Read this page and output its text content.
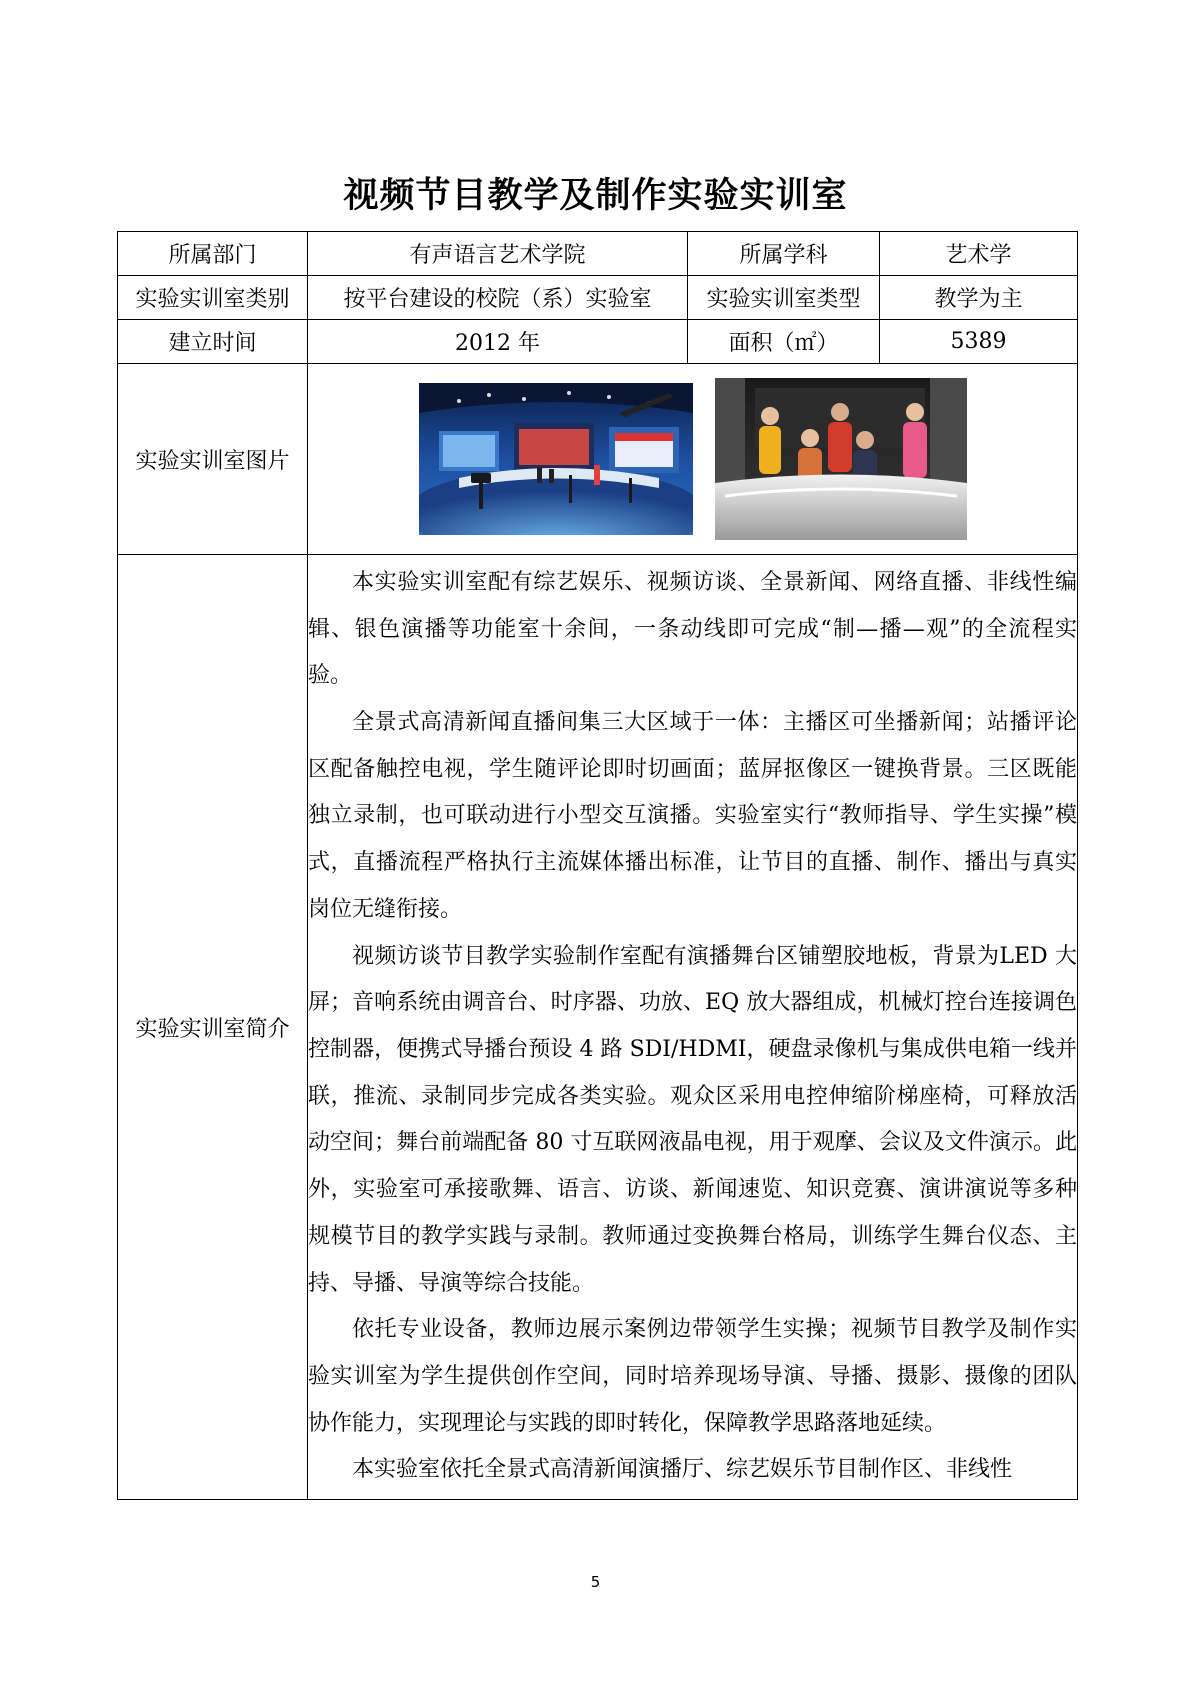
视频节目教学及制作实验实训室
所属部门	有声语言艺术学院	所属学科	艺术学
实验实训室类别	按平台建设的校院（系）实验室	实验实训室类型	教学为主
建立时间	2012 年	面积（㎡）	5389
实验实训室图片	

实验实训室简介	本实验实训室配有综艺娱乐、视频访谈、全景新闻、网络直播、非线性编辑、银色演播等功能室十余间，一条动线即可完成“制—播—观”的全流程实验。

全景式高清新闻直播间集三大区域于一体：主播区可坐播新闻；站播评论区配备触控电视，学生随评论即时切画面；蓝屏抠像区一键换背景。三区既能独立录制，也可联动进行小型交互演播。实验室实行“教师指导、学生实操”模式，直播流程严格执行主流媒体播出标准，让节目的直播、制作、播出与真实岗位无缝衔接。

视频访谈节目教学实验制作室配有演播舞台区铺塑胶地板，背景为LED 大屏；音响系统由调音台、时序器、功放、EQ 放大器组成，机械灯控台连接调色控制器，便携式导播台预设 4 路 SDI/HDMI，硬盘录像机与集成供电箱一线并联，推流、录制同步完成各类实验。观众区采用电控伸缩阶梯座椅，可释放活动空间；舞台前端配备 80 寸互联网液晶电视，用于观摩、会议及文件演示。此外，实验室可承接歌舞、语言、访谈、新闻速览、知识竞赛、演讲演说等多种规模节目的教学实践与录制。教师通过变换舞台格局，训练学生舞台仪态、主持、导播、导演等综合技能。

依托专业设备，教师边展示案例边带领学生实操；视频节目教学及制作实验实训室为学生提供创作空间，同时培养现场导演、导播、摄影、摄像的团队协作能力，实现理论与实践的即时转化，保障教学思路落地延续。

本实验室依托全景式高清新闻演播厅、综艺娱乐节目制作区、非线性		

5
